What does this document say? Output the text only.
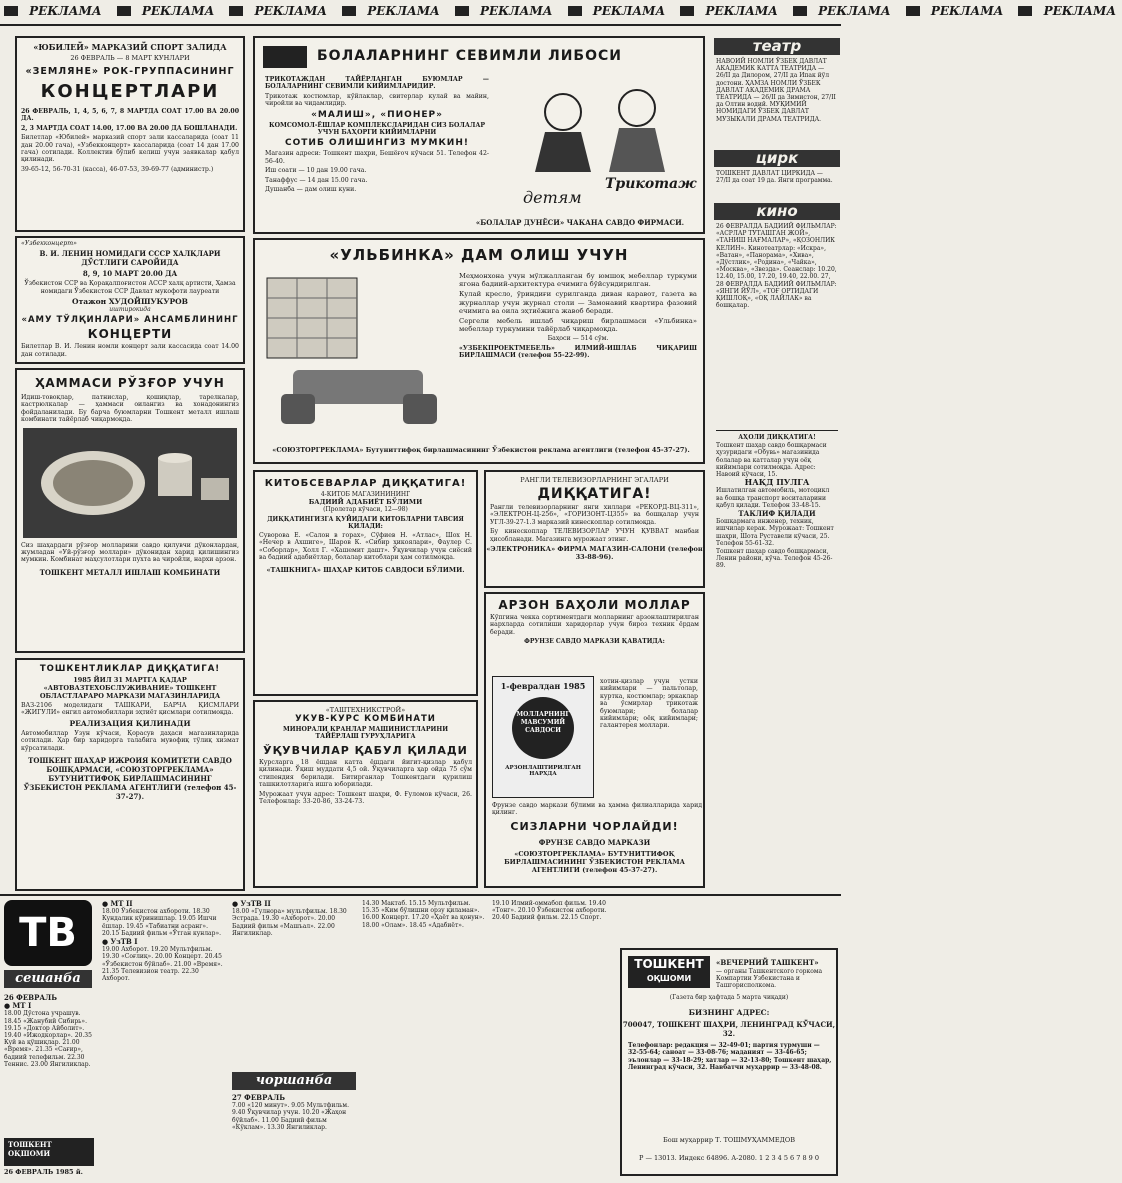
РЕКЛАМА	РЕКЛАМА	РЕКЛАМА	РЕКЛАМА	РЕКЛАМА	РЕКЛАМА	РЕКЛАМА	РЕКЛАМА	РЕКЛАМА	РЕКЛАМА
«ЮБИЛЕЙ» МАРКАЗИЙ СПОРТ ЗАЛИДА
26 ФЕВРАЛЬ — 8 МАРТ КУНЛАРИ
«ЗЕМЛЯНЕ» РОК-ГРУППАСИНИНГ
КОНЦЕРТЛАРИ
26 ФЕВРАЛЬ, 1, 4, 5, 6, 7, 8 МАРТДА СОАТ 17.00 ВА 20.00 ДА.
2, 3 МАРТДА СОАТ 14.00, 17.00 ВА 20.00 ДА БОШЛАНАДИ.
Билетлар «Юбилей» марказий спорт зали кассаларида (соат 11 дан 20.00 гача), «Узбекконцерт» кассаларида (соат 14 дан 17.00 гача) сотилади. Коллектив бўлиб келиш учун заявкалар қабул қилинади.
39-65-12, 56-70-31 (касса), 46-07-53, 39-69-77 (администр.)
«Узбекконцерт»
В. И. ЛЕНИН НОМИДАГИ СССР ХАЛҚЛАРИ ДЎСТЛИГИ САРОЙИДА
8, 9, 10 МАРТ 20.00 ДА
Ўзбекистон ССР ва Қорақалпоғистон АССР халқ артисти, Ҳамза номидаги Ўзбекистон ССР Давлат мукофоти лауреати
Отажон ХУДОЙШУКУРОВ
иштирокида
«АМУ ТЎЛҚИНЛАРИ» АНСАМБЛИНИНГ
КОНЦЕРТИ
Билетлар В. И. Ленин номли концерт зали кассасида соат 14.00 дан сотилади.
ҲАММАСИ РЎЗҒОР УЧУН
Идиш-товоқлар, патнислар, қошиқлар, тарелкалар, кастрюлкалар — ҳаммаси оилангиз ва хонадонингиз фойдаланилади. Бу барча буюмларни Тошкент металл ишлаш комбинати тайёрлаб чиқармоқда.
Сиз шаҳардаги рўзғор молларини савдо қилувчи дўконлардан, жумладан «Уй-рўзғор моллари» дўконидан харид қилишингиз мумкин. Комбинат маҳсулотлари пухта ва чиройли, нархи арзон.
ТОШКЕНТ МЕТАЛЛ ИШЛАШ КОМБИНАТИ
ТОШКЕНТЛИКЛАР ДИҚҚАТИГА!
1985 ЙИЛ 31 МАРТГА ҚАДАР «АВТОВАЗТЕХОБСЛУЖИВАНИЕ» ТОШКЕНТ ОБЛАСТЛАРАРО МАРКАЗИ МАГАЗИНЛАРИДА
ВАЗ-2106 моделидаги ТАШКАРИ, БАРЧА ҚИСМЛАРИ «ЖИГУЛИ» енгил автомобиллари эҳтиёт қисмлари сотилмоқда.
РЕАЛИЗАЦИЯ ҚИЛИНАДИ
Автомобиллар Узун кўчаси, Қорасув даҳаси магазинларида сотилади. Ҳар бир харидорга талабига мувофиқ тўлиқ хизмат кўрсатилади.
ТОШКЕНТ ШАҲАР ИЖРОИЯ КОМИТЕТИ САВДО БОШҚАРМАСИ, «СОЮЗТОРГРЕКЛАМА» БУТУНИТТИФОҚ БИРЛАШМАСИНИНГ ЎЗБЕКИСТОН РЕКЛАМА АГЕНТЛИГИ (телефон 45-37-27).
БОЛАЛАРНИНГ СЕВИМЛИ ЛИБОСИ
ТРИКОТАЖДАН ТАЙЁРЛАНГАН БУЮМЛАР — БОЛАЛАРНИНГ СЕВИМЛИ КИЙИМЛАРИДИР.
Трикотаж костюмлар, кўйлаклар, свитерлар кулай ва майин, чиройли ва чидамлидир.
«МАЛИШ», «ПИОНЕР»
КОМСОМОЛ-ЁШЛАР КОМПЛЕКСЛАРИДАН СИЗ БОЛАЛАР УЧУН БАҲОРГИ КИЙИМЛАРНИ
СОТИБ ОЛИШИНГИЗ МУМКИН!
Магазин адреси: Тошкент шаҳри, Бешёғоч кўчаси 51. Телефон 42-56-40.
Иш соати — 10 дан 19.00 гача.
Танаффус — 14 дан 15.00 гача.
Душанба — дам олиш куни.	детям
Трикотаж
«БОЛАЛАР ДУНЁСИ» ЧАКАНА САВДО ФИРМАСИ.
«УЛЬБИНКА» ДАМ ОЛИШ УЧУН
Меҳмонхона учун мўлжалланган бу юмшоқ мебеллар туркуми ягона бадиий-архитектура ечимига бўйсундирилган.
Кулай кресло, ўриндиғи сурилганда диван каравот, газета ва журналлар учун журнал столи — Замонавий квартира фазовий ечимига ва оила эҳтиёжига жавоб беради.
Сергели мебель ишлаб чиқариш бирлашмаси «Ульбинка» мебеллар туркумини тайёрлаб чиқармоқда.
Баҳоси — 514 сўм.
«УЗБЕКПРОЕКТМЕБЕЛЬ» ИЛМИЙ-ИШЛАБ ЧИҚАРИШ БИРЛАШМАСИ (телефон 55-22-99).
«СОЮЗТОРГРЕКЛАМА» Бутуниттифоқ бирлашмасининг Ўзбекистон реклама агентлиги (телефон 45-37-27).
КИТОБСЕВАРЛАР ДИҚҚАТИГА!
4-КИТОБ МАГАЗИНИНИНГ
БАДИИЙ АДАБИЁТ БЎЛИМИ
(Пролетар кўчаси, 12—98)
ДИҚҚАТИНГИЗГА ҚУЙИДАГИ КИТОБЛАРНИ ТАВСИЯ ҚИЛАДИ:
Суворова Е. «Салон в горах», Сўфиев Н. «Атлас», Шох Н. «Нечер в Ахшиге», Шаров К. «Сибир ҳикоялари», Фаулер С. «Соборлар», Холл Г. «Хашемит дашт». Ўқувчилар учун сиёсий ва бадиий адабиётлар, болалар китоблари ҳам сотилмоқда.
«ТАШКНИГА» ШАҲАР КИТОБ САВДОСИ БЎЛИМИ.
РАНГЛИ ТЕЛЕВИЗОРЛАРНИНГ ЭГАЛАРИ
ДИҚҚАТИГА!
Рангли телевизорларнинг янги хиллари «РЕКОРД-ВЦ-311», «ЭЛЕКТРОН-Ц-256», «ГОРИЗОНТ-Ц355» ва бошқалар учун УГЛ-39-27-1.3 марказий кинескоплар сотилмоқда.
Бу кинескоплар ТЕЛЕВИЗОРЛАР УЧУН ҚУВВАТ манбаи ҳисобланади. Магазинга мурожаат этинг.
«ЭЛЕКТРОНИКА» ФИРМА МАГАЗИН-САЛОНИ (телефон 33-88-96).
АРЗОН БАҲОЛИ МОЛЛАР
Кўпгина чекка сортиментдаги молларнинг арзонлаштирилган нархларда сотилиши харидорлар учун бироз техник ёрдам беради.
ФРУНЗЕ САВДО МАРКАЗИ ҚАВАТИДА:
1-февралдан 1985
МОЛЛАРНИНГ
МАВСУМИЙ
САВДОСИ
АРЗОНЛАШТИРИЛГАН НАРХДА
хотин-қизлар учун устки кийимлари — пальтолар, куртка, костюмлар; эркаклар ва ўсмирлар трикотаж буюмлари; болалар кийимлари; оёқ кийимлари; галантерея моллари.
Фрунзе савдо маркази бўлими ва ҳамма филиалларида харид қилинг.
СИЗЛАРНИ ЧОРЛАЙДИ!
ФРУНЗЕ САВДО МАРКАЗИ
«СОЮЗТОРГРЕКЛАМА» БУТУНИТТИФОҚ БИРЛАШМАСИНИНГ ЎЗБЕКИСТОН РЕКЛАМА АГЕНТЛИГИ (телефон 45-37-27).
«ТАШТЕХНИКСТРОЙ»
УКУВ-КУРС КОМБИНАТИ
МИНОРАЛИ КРАНЛАР МАШИНИСТЛАРИНИ ТАЙЁРЛАШ ГУРУҲЛАРИГА
ЎҚУВЧИЛАР ҚАБУЛ ҚИЛАДИ
Курсларга 18 ёшдан катта ёшдаги йигит-қизлар қабул қилинади. Ўқиш муддати 4,5 ой. Ўқувчиларга ҳар ойда 75 сўм стипендия берилади. Битирганлар Тошкентдаги қурилиш ташкилотларига ишга юборилади.
Мурожаат учун адрес: Тошкент шаҳри, Ф. Ғуломов кўчаси, 26. Телефонлар: 33-20-86, 33-24-73.
театр

НАВОИЙ НОМЛИ ЎЗБЕК ДАВЛАТ АКАДЕМИК КАТТА ТЕАТРИДА — 26/II да Дилором, 27/II да Ипак йўл достони. ҲАМЗА НОМЛИ ЎЗБЕК ДАВЛАТ АКАДЕМИК ДРАМА ТЕАТРИДА — 26/II да Зимистон, 27/II да Олтин водий. МУҚИМИЙ НОМИДАГИ ЎЗБЕК ДАВЛАТ МУЗЫКАЛИ ДРАМА ТЕАТРИДА.

цирк

ТОШКЕНТ ДАВЛАТ ЦИРКИДА — 27/II да соат 19 да. Янги программа.

кино

26 ФЕВРАЛДА БАДИИЙ ФИЛЬМЛАР: «АСРЛАР ТУТАШГАН ЖОЙ», «ТАНИШ НАҒМАЛАР», «ҚОЗОНЛИК КЕЛИН». Кинотеатрлар: «Искра», «Ватан», «Панорама», «Хива», «Дўстлик», «Родина», «Чайка», «Москва», «Звезда». Сеанслар: 10.20, 12.40, 15.00, 17.20, 19.40, 22.00. 27, 28 ФЕВРАЛДА БАДИИЙ ФИЛЬМЛАР: «ЯНГИ ЙЎЛ», «ТОҒ ОРТИДАГИ ҚИШЛОҚ», «ОҚ ЛАЙЛАК» ва бошқалар.

АҲОЛИ ДИҚҚАТИГА!

Тошкент шаҳар савдо бошқармаси ҳузуридаги «Обувь» магазинида болалар ва катталар учун оёқ кийимлари сотилмоқда. Адрес: Навоий кўчаси, 15.

НАҚД ПУЛГА

Ишлатилган автомобиль, мотоцикл ва бошқа транспорт воситаларини қабул қилади. Телефон 33-48-15.

ТАКЛИФ ҚИЛАДИ

Бошқармага инженер, техник, ишчилар керак. Мурожаат: Тошкент шаҳри, Шота Руставели кўчаси, 25. Телефон 55-61-32.

Тошкент шаҳар савдо бошқармаси, Ленин райони, кўча. Телефон 45-26-89.

ТВ
сешанба

26 ФЕВРАЛЬ

● МТ I

18.00 Дўстона учрашув. 18.45 «Жанубий Сибирь». 19.15 «Доктор Айболит». 19.40 «Ижодкорлар». 20.35 Куй ва қўшиқлар. 21.00 «Время». 21.35 «Сағир», бадиий телефильм. 22.30 Теннис. 23.00 Янгиликлар.

ТОШКЕНТ
ОҚШОМИ
26 ФЕВРАЛЬ 1985 й.

● МТ II

18.00 Ўзбекистон ахбороти. 18.30 Кундалик кўринишлар. 19.05 Ишчи ёшлар. 19.45 «Табиатни асранг». 20.15 Бадиий фильм «Ўтган кунлар».

● УзТВ I

19.00 Ахборот. 19.20 Мультфильм. 19.30 «Соғлиқ». 20.00 Концерт. 20.45 «Ўзбекистон бўйлаб». 21.00 «Время». 21.35 Телевизион театр. 22.30 Ахборот.

● УзТВ II

18.00 «Гулнора» мультфильм. 18.30 Эстрада. 19.30 «Ахборот». 20.00 Бадиий фильм «Машъал». 22.00 Янгиликлар.

чоршанба

27 ФЕВРАЛЬ

7.00 «120 минут». 9.05 Мультфильм. 9.40 Ўқувчилар учун. 10.20 «Жаҳон бўйлаб». 11.00 Бадиий фильм «Кўклам». 13.30 Янгиликлар.

14.30 Мактаб. 15.15 Мультфильм. 15.35 «Ким бўлишни орзу қиламан». 16.00 Концерт. 17.20 «Ҳаёт ва қонун». 18.00 «Олам». 18.45 «Адабиёт».

19.10 Илмий-оммабоп фильм. 19.40 «Тонг». 20.10 Ўзбекистон ахбороти. 20.40 Бадиий фильм. 22.15 Спорт.

ТОШКЕНТ
ОҚШОМИ
«ВЕЧЕРНИЙ ТАШКЕНТ»
— органы Ташкентского горкома Компартии Узбекистана и Ташгорисполкома.
(Газета бир ҳафтада 5 марта чиқади)
БИЗНИНГ АДРЕС:
700047, ТОШКЕНТ ШАҲРИ, ЛЕНИНГРАД КЎЧАСИ, 32.
Телефонлар: редакция — 32-49-01; партия турмуши — 32-55-64; саноат — 33-08-76; маданият — 33-46-65; эълонлар — 33-18-29; хатлар — 32-13-80; Тошкент шаҳар, Ленинград кўчаси, 32. Навбатчи муҳаррир — 33-48-08.
Бош муҳаррир Т. ТОШМУҲАММЕДОВ
Р — 13013. Индекс 64896. А-2080. 1 2 3 4 5 6 7 8 9 0
